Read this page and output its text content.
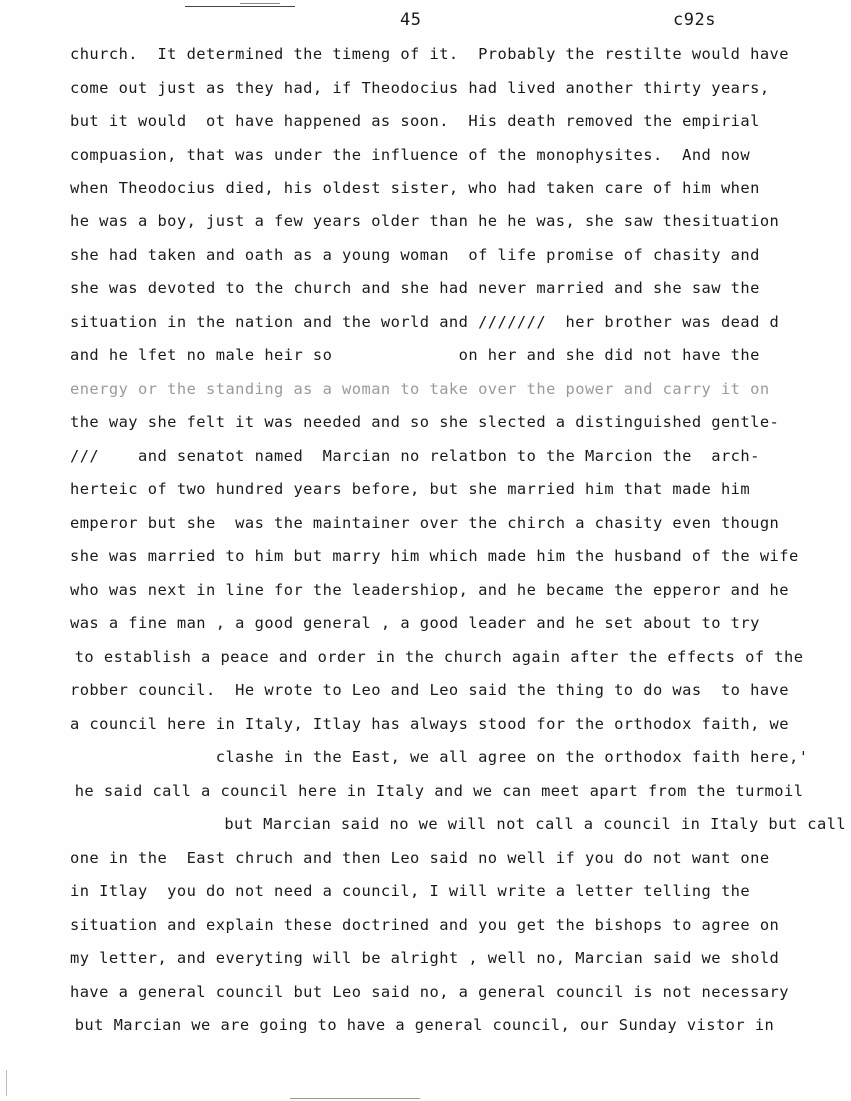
45	c92s
church.  It determined the timeng of it.  Probably the restilte would have
come out just as they had, if Theodocius had lived another thirty years,
but it would  ot have happened as soon.  His death removed the empirial
compuasion, that was under the influence of the monophysites.  And now
when Theodocius died, his oldest sister, who had taken care of him when
he was a boy, just a few years older than he he was, she saw thesituation
she had taken and oath as a young woman  of life promise of chasity and
she was devoted to the church and she had never married and she saw the
situation in the nation and the world and ///////  her brother was dead d
and he lfet no male heir so             on her and she did not have the
energy or the standing as a woman to take over the power and carry it on
the way she felt it was needed and so she slected a distinguished gentle-
///    and senatot named  Marcian no relatbon to the Marcion the  arch-
herteic of two hundred years before, but she married him that made him
emperor but she  was the maintainer over the chirch a chasity even thougn
she was married to him but marry him which made him the husband of the wife
who was next in line for the leadershiop, and he became the epperor and he
was a fine man , a good general , a good leader and he set about to try
to establish a peace and order in the church again after the effects of the
robber council.  He wrote to Leo and Leo said the thing to do was  to have
a council here in Italy, Itlay has always stood for the orthodox faith, we
clashe in the East, we all agree on the orthodox faith here,'
he said call a council here in Italy and we can meet apart from the turmoil
but Marcian said no we will not call a council in Italy but call
one in the  East chruch and then Leo said no well if you do not want one
in Itlay  you do not need a council, I will write a letter telling the
situation and explain these doctrined and you get the bishops to agree on
my letter, and everyting will be alright , well no, Marcian said we shold
have a general council but Leo said no, a general council is not necessary
but Marcian we are going to have a general council, our Sunday vistor in
